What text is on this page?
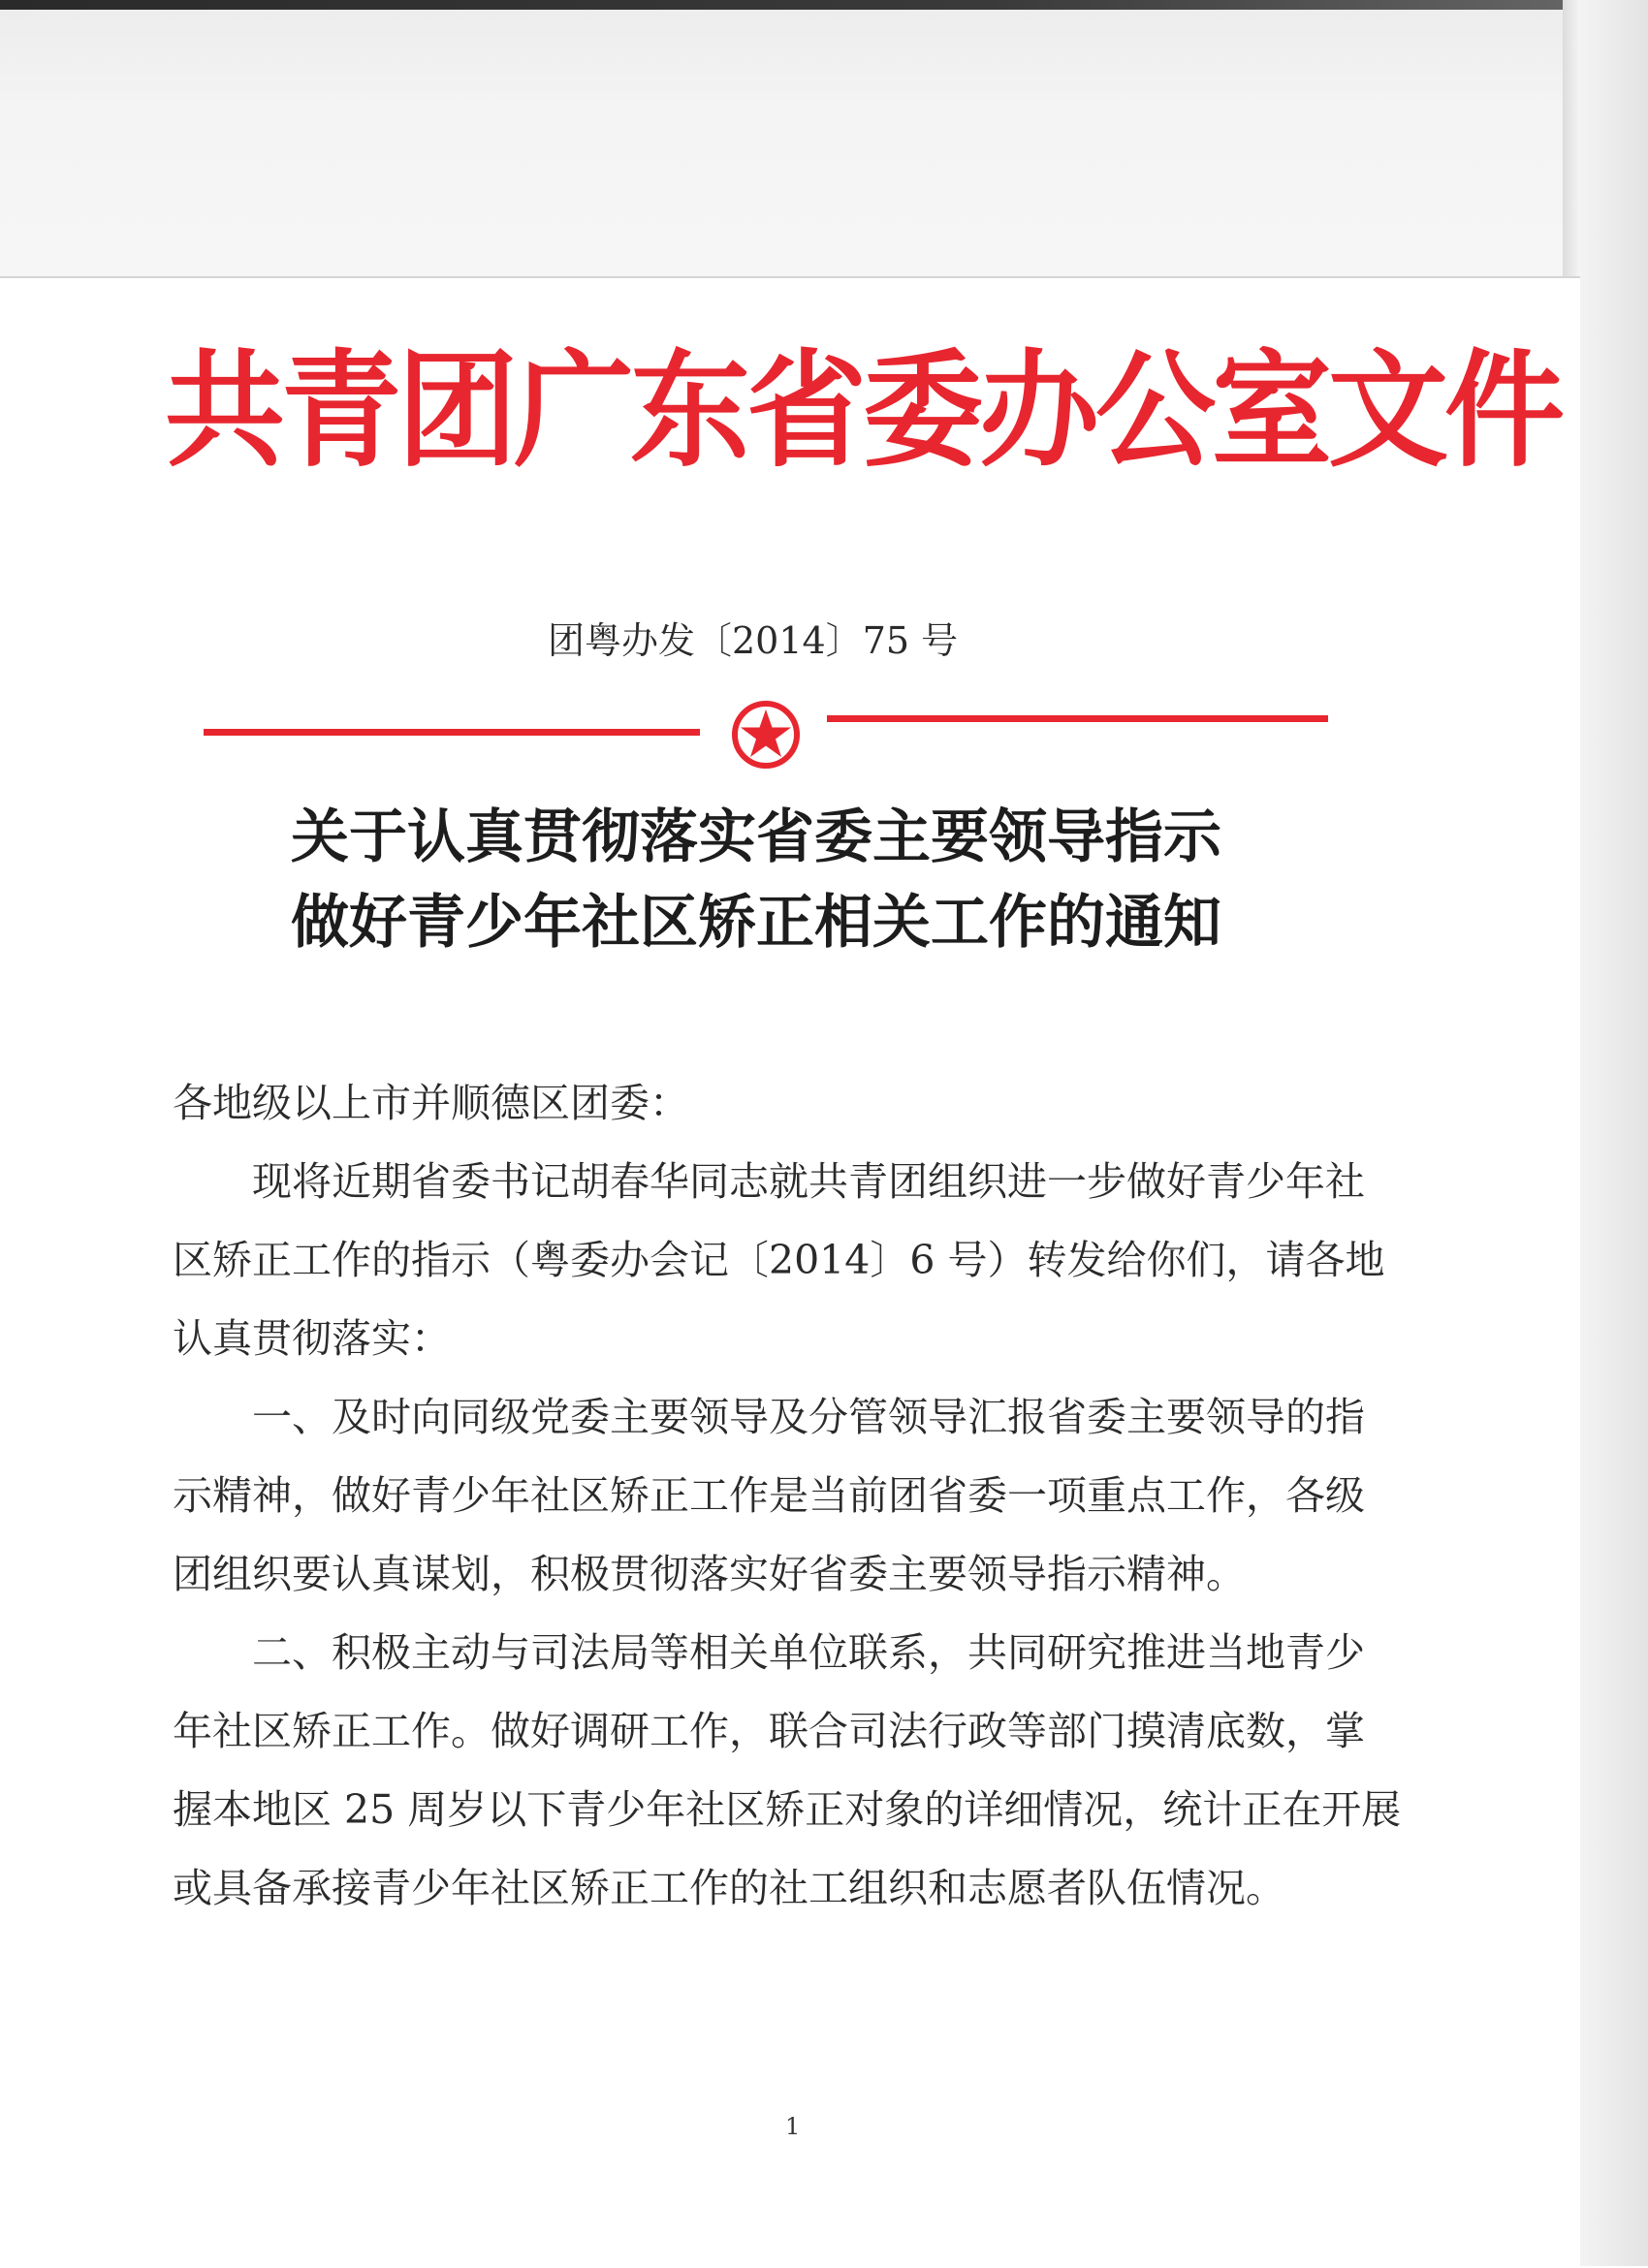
共青团广东省委办公室文件
团粤办发〔2014〕75 号
关于认真贯彻落实省委主要领导指示
做好青少年社区矫正相关工作的通知

各地级以上市并顺德区团委：

现将近期省委书记胡春华同志就共青团组织进一步做好青少年社区矫正工作的指示（粤委办会记〔2014〕6 号）转发给你们，请各地认真贯彻落实：

一、及时向同级党委主要领导及分管领导汇报省委主要领导的指示精神，做好青少年社区矫正工作是当前团省委一项重点工作，各级团组织要认真谋划，积极贯彻落实好省委主要领导指示精神。

二、积极主动与司法局等相关单位联系，共同研究推进当地青少年社区矫正工作。做好调研工作，联合司法行政等部门摸清底数，掌握本地区 25 周岁以下青少年社区矫正对象的详细情况，统计正在开展或具备承接青少年社区矫正工作的社工组织和志愿者队伍情况。

1
